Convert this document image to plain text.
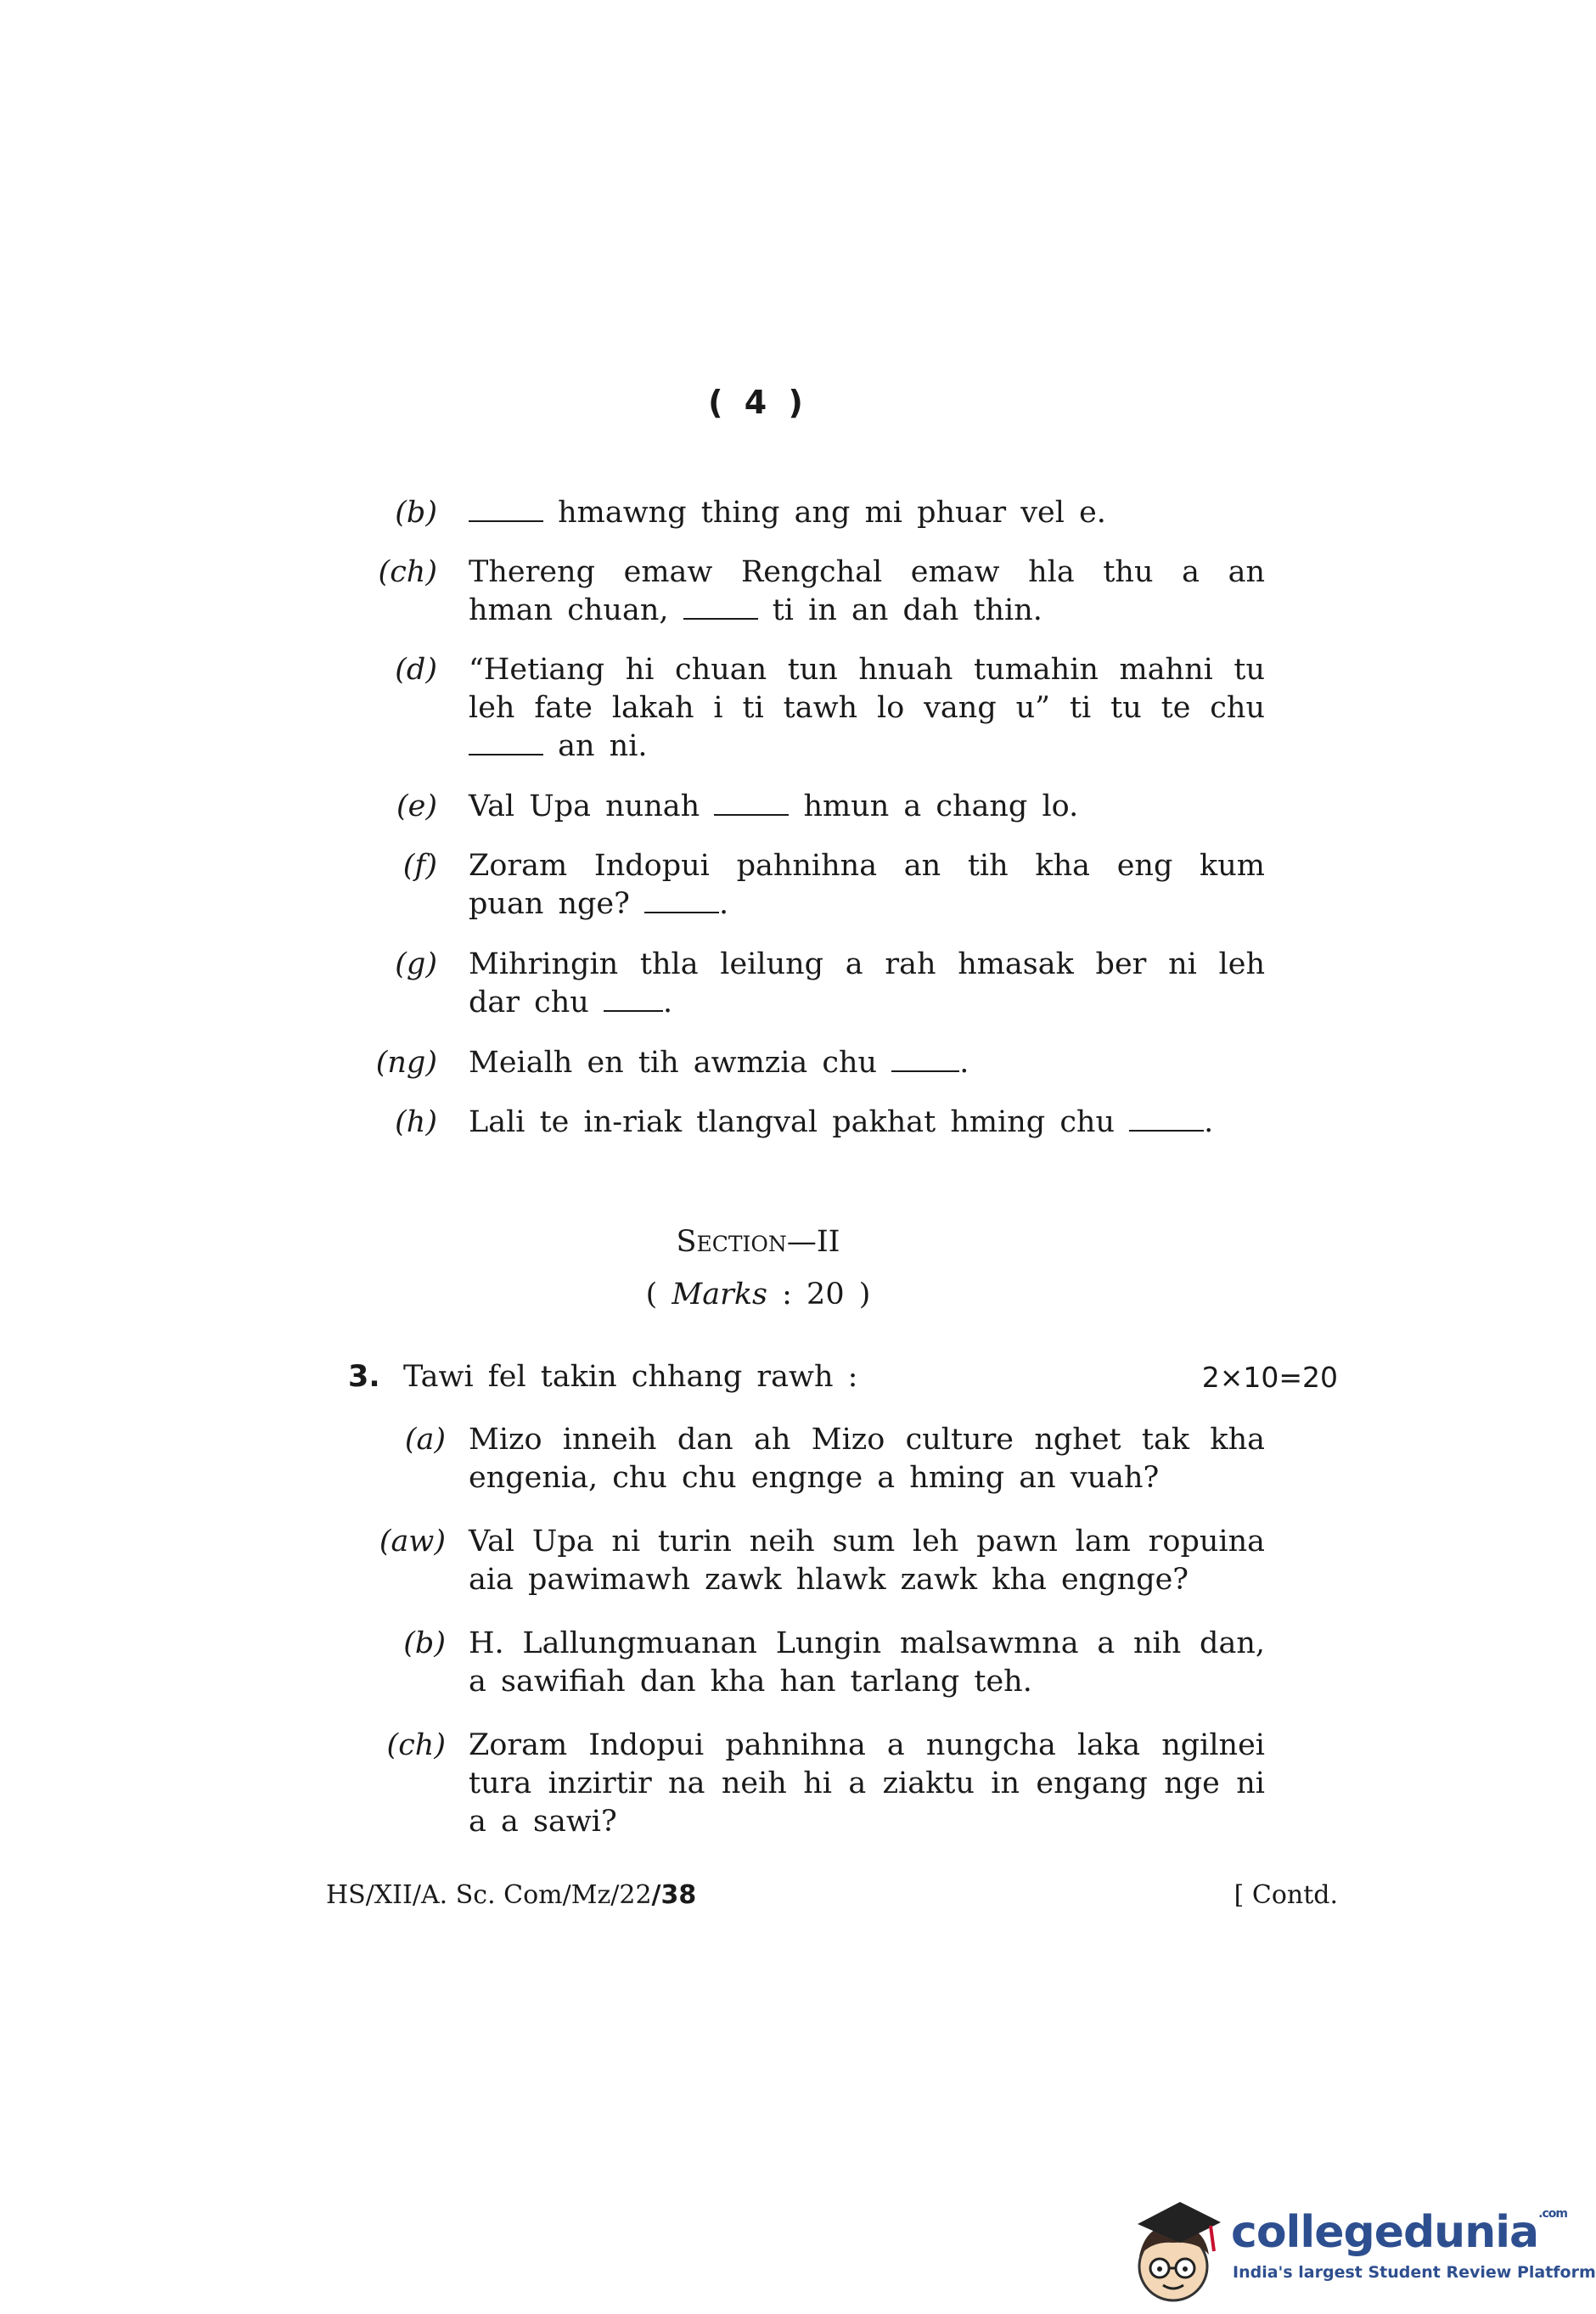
( 4 )
(b)	hmawng thing ang mi phuar vel e.
(ch) Thereng emaw Rengchal emaw hla thu a an hman chuan,	ti in an dah thin.
(d) “Hetiang hi chuan tun hnuah tumahin mahni tu leh fate lakah i ti tawh lo vang u” ti tu te chu  an ni.
(e) Val Upa nunah	hmun a chang lo.
(f) Zoram Indopui pahnihna an tih kha eng kum puan nge?	.
(g) Mihringin thla leilung a rah hmasak ber ni leh dar chu .
(ng) Meialh en tih awmzia chu .
(h) Lali te in-riak tlangval pakhat hming chu	.
Section—II
( Marks : 20 )
3. Tawi fel takin chhang rawh :	2×10=20
(a) Mizo inneih dan ah Mizo culture nghet tak kha engenia, chu chu engnge a hming an vuah?
(aw) Val Upa ni turin neih sum leh pawn lam ropuina aia pawimawh zawk hlawk zawk kha engnge?
(b) H. Lallungmuanan Lungin malsawmna a nih dan, a sawifiah dan kha han tarlang teh.
(ch) Zoram Indopui pahnihna a nungcha laka ngilnei tura inzirtir na neih hi a ziaktu in engang nge ni a a sawi?
HS/XII/A. Sc. Com/Mz/22/38	[ Contd.
collegedunia$^{.com}$
India's largest Student Review Platform
